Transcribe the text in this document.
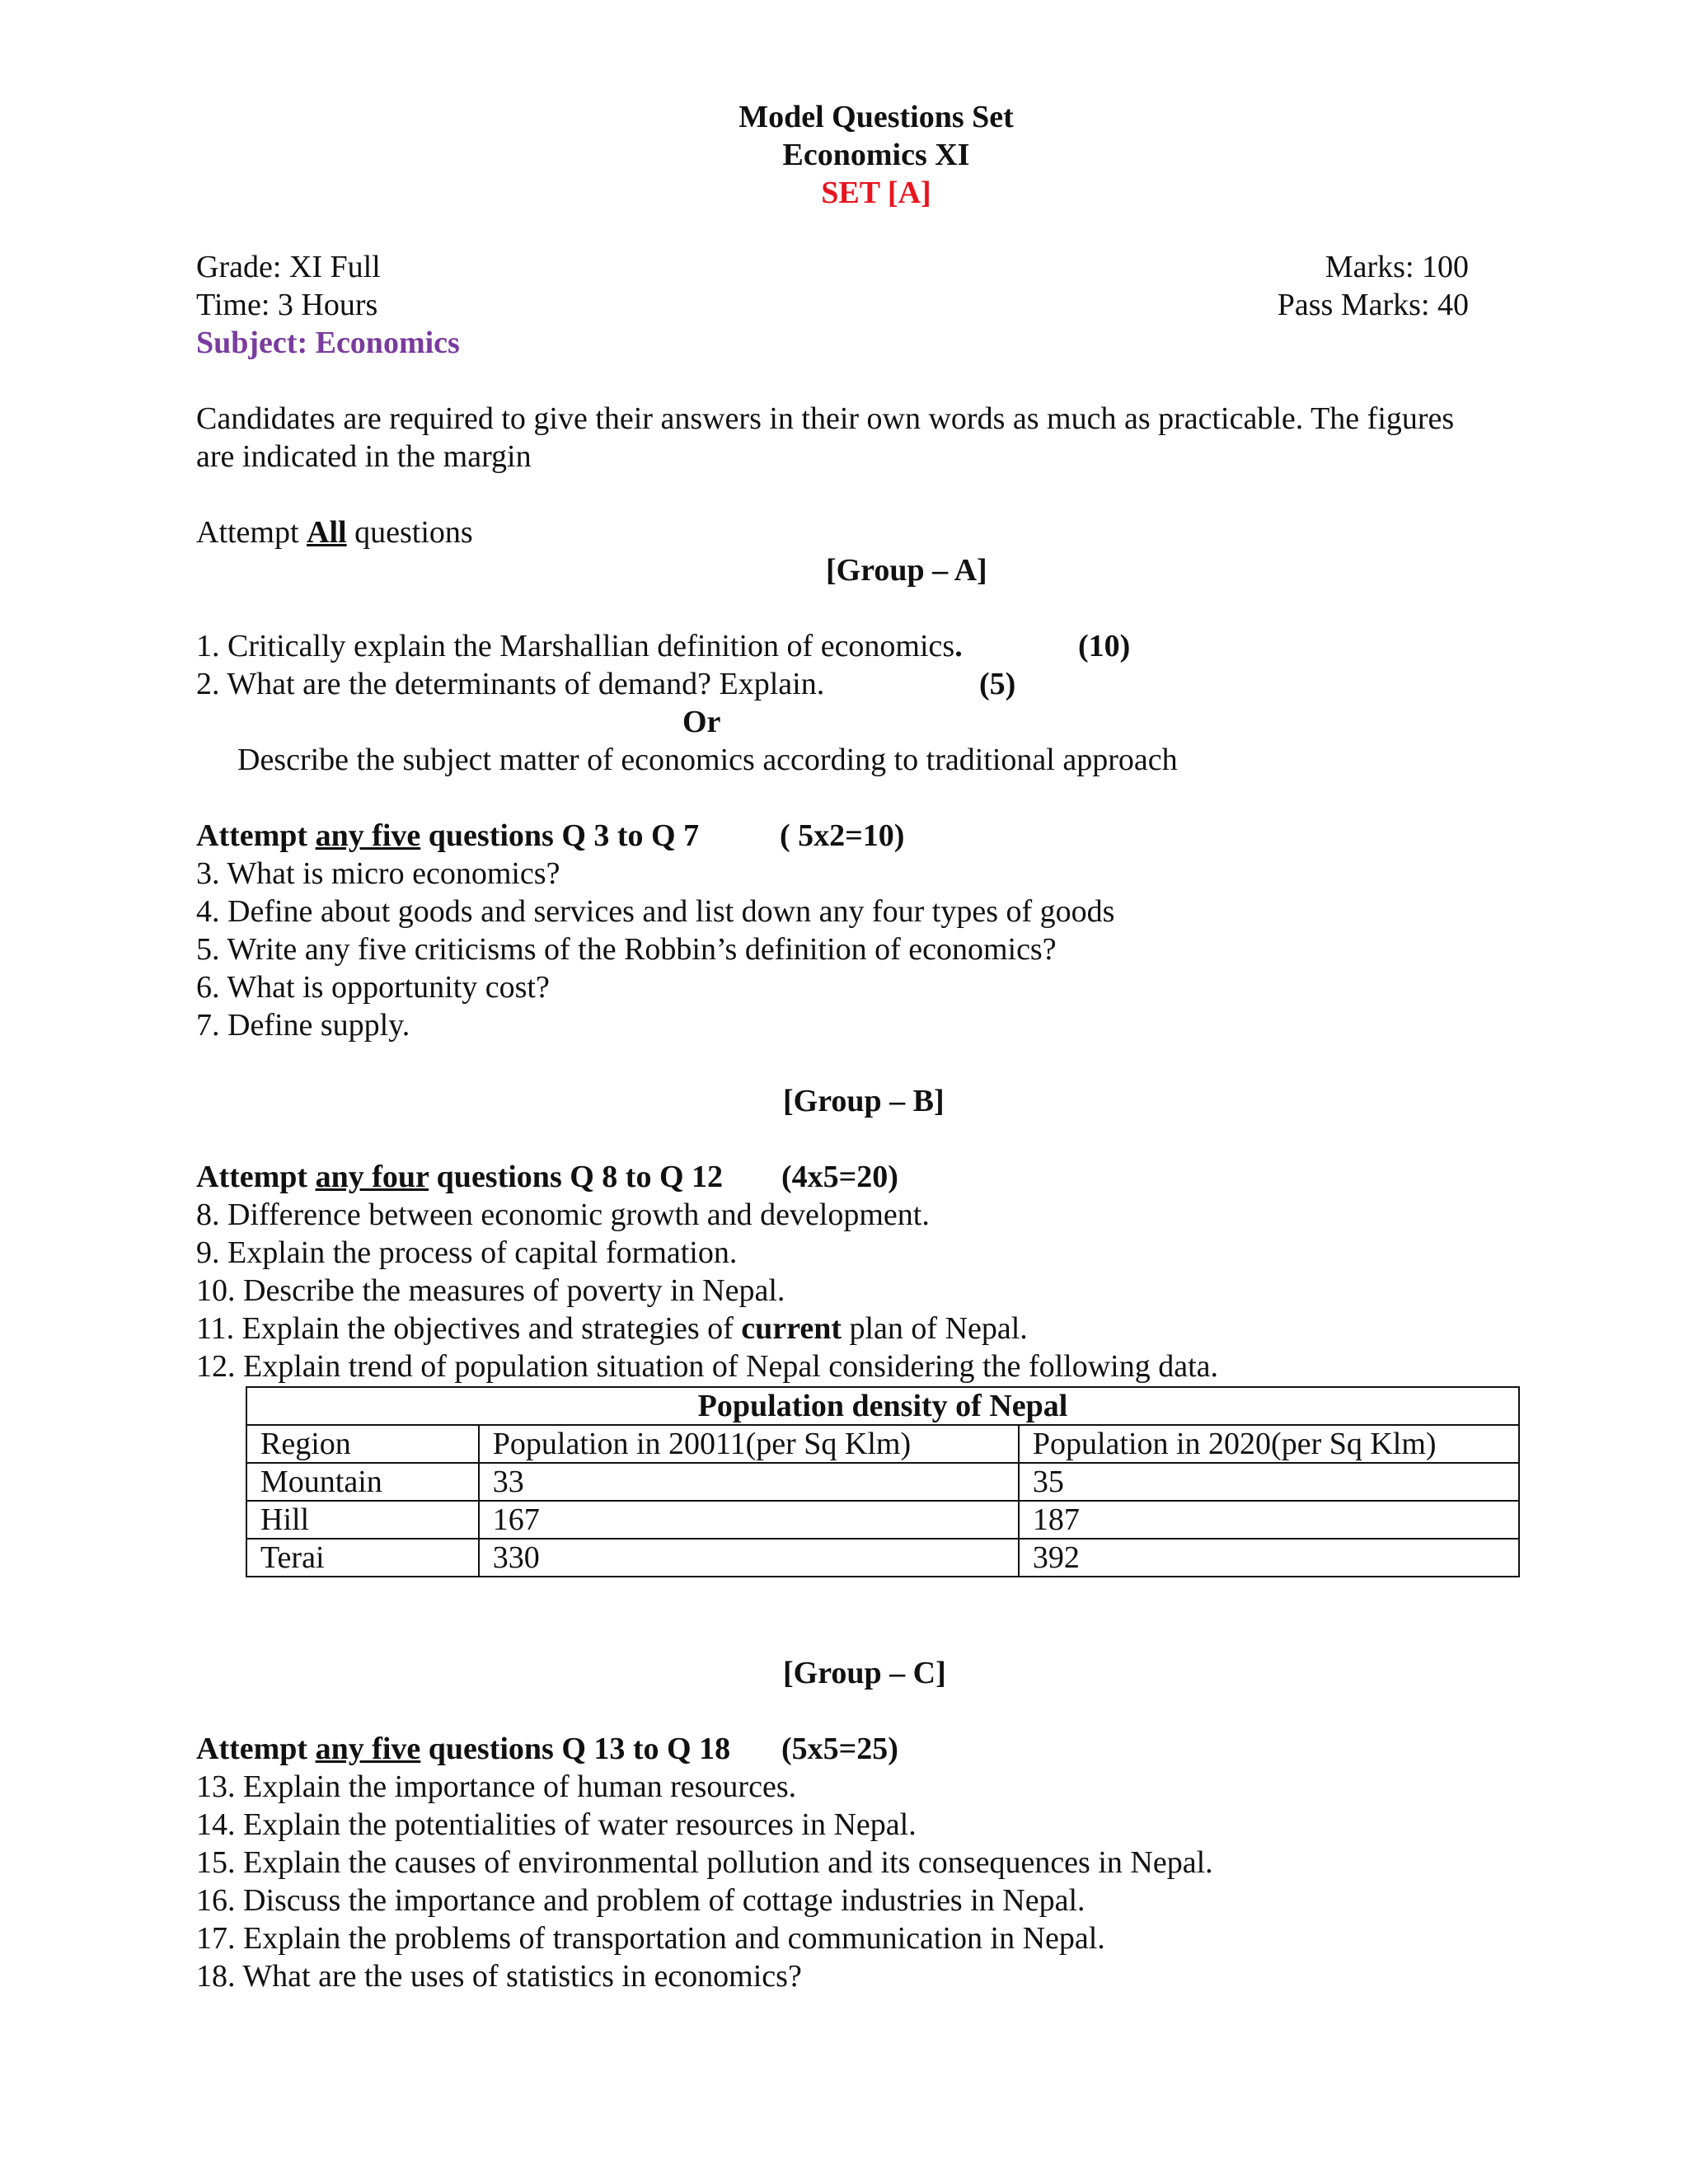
Model Questions Set
Economics XI
SET [A]
Grade: XI Full
Time: 3 Hours
Subject: Economics
Marks: 100
Pass Marks: 40
Candidates are required to give their answers in their own words as much as practicable. The figures
are indicated in the margin
Attempt All questions
[Group – A]
1. Critically explain the Marshallian definition of economics.	(10)
2. What are the determinants of demand? Explain.	(5)
Or
Describe the subject matter of economics according to traditional approach
Attempt any five questions Q 3 to Q 7	( 5x2=10)
3. What is micro economics?
4. Define about goods and services and list down any four types of goods
5. Write any five criticisms of the Robbin’s definition of economics?
6. What is opportunity cost?
7. Define supply.
[Group – B]
Attempt any four questions Q 8 to Q 12 (4x5=20)
8. Difference between economic growth and development.
9. Explain the process of capital formation.
10. Describe the measures of poverty in Nepal.
11. Explain the objectives and strategies of current plan of Nepal.
12. Explain trend of population situation of Nepal considering the following data.
Population density of Nepal		
Region	Population in 20011(per Sq Klm)	Population in 2020(per Sq Klm)
Mountain	33	35
Hill	167	187
Terai	330	392
[Group – C]
Attempt any five questions Q 13 to Q 18 (5x5=25)
13. Explain the importance of human resources.
14. Explain the potentialities of water resources in Nepal.
15. Explain the causes of environmental pollution and its consequences in Nepal.
16. Discuss the importance and problem of cottage industries in Nepal.
17. Explain the problems of transportation and communication in Nepal.
18. What are the uses of statistics in economics?
